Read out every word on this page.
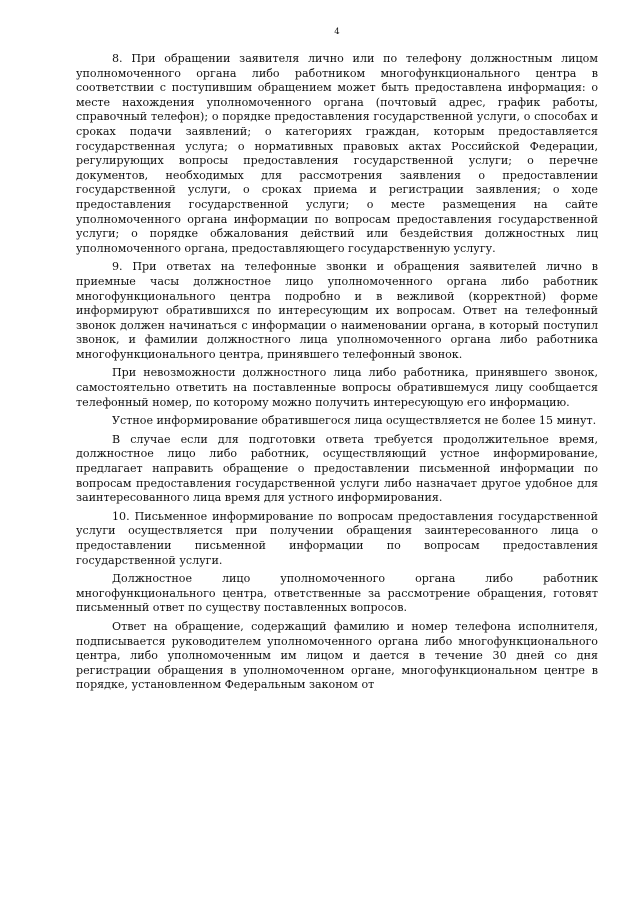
4

8. При обращении заявителя лично или по телефону должностным лицом уполномоченного органа либо работником многофункционального центра в соответствии с поступившим обращением может быть предоставлена информация: о месте нахождения уполномоченного органа (почтовый адрес, график работы, справочный телефон); о порядке предоставления государственной услуги, о способах и сроках подачи заявлений; о категориях граждан, которым предоставляется государственная услуга; о нормативных правовых актах Российской Федерации, регулирующих вопросы предоставления государственной услуги; о перечне документов, необходимых для рассмотрения заявления о предоставлении государственной услуги, о сроках приема и регистрации заявления; о ходе предоставления государственной услуги; о месте размещения на сайте уполномоченного органа информации по вопросам предоставления государственной услуги; о порядке обжалования действий или бездействия должностных лиц уполномоченного органа, предоставляющего государственную услугу.

9. При ответах на телефонные звонки и обращения заявителей лично в приемные часы должностное лицо уполномоченного органа либо работник многофункционального центра подробно и в вежливой (корректной) форме информируют обратившихся по интересующим их вопросам. Ответ на телефонный звонок должен начинаться с информации о наименовании органа, в который поступил звонок, и фамилии должностного лица уполномоченного органа либо работника многофункционального центра, принявшего телефонный звонок.

При невозможности должностного лица либо работника, принявшего звонок, самостоятельно ответить на поставленные вопросы обратившемуся лицу сообщается телефонный номер, по которому можно получить интересующую его информацию.

Устное информирование обратившегося лица осуществляется не более 15 минут.

В случае если для подготовки ответа требуется продолжительное время, должностное лицо либо работник, осуществляющий устное информирование, предлагает направить обращение о предоставлении письменной информации по вопросам предоставления государственной услуги либо назначает другое удобное для заинтересованного лица время для устного информирования.

10. Письменное информирование по вопросам предоставления государственной услуги осуществляется при получении обращения заинтересованного лица о предоставлении письменной информации по вопросам предоставления государственной услуги.

Должностное лицо уполномоченного органа либо работник многофункционального центра, ответственные за рассмотрение обращения, готовят письменный ответ по существу поставленных вопросов.

Ответ на обращение, содержащий фамилию и номер телефона исполнителя, подписывается руководителем уполномоченного органа либо многофункционального центра, либо уполномоченным им лицом и дается в течение 30 дней со дня регистрации обращения в уполномоченном органе, многофункциональном центре в порядке, установленном Федеральным законом от
